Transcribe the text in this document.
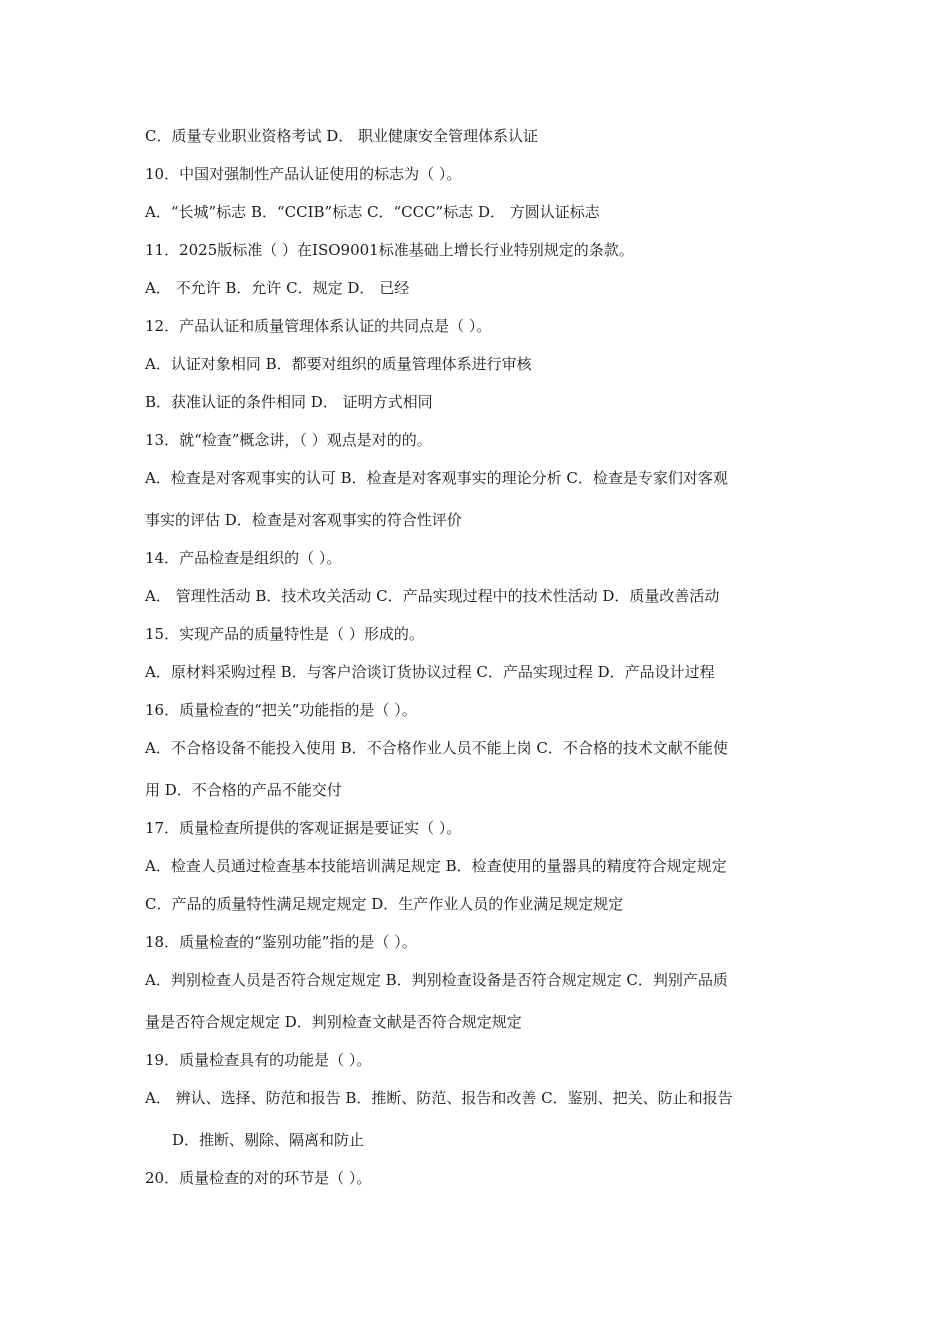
C．质量专业职业资格考试 D． 职业健康安全管理体系认证
10．中国对强制性产品认证使用的标志为（ ）。
A．“长城”标志 B．“CCIB”标志 C．“CCC”标志 D． 方圆认证标志
11．2025版标准（ ）在ISO9001标准基础上增长行业特别规定的条款。
A． 不允许 B．允许 C．规定 D． 已经
12．产品认证和质量管理体系认证的共同点是（ ）。
A．认证对象相同 B．都要对组织的质量管理体系进行审核
B．获准认证的条件相同 D． 证明方式相同
13．就“检查”概念讲，（ ）观点是对的的。
A．检查是对客观事实的认可 B．检查是对客观事实的理论分析 C．检查是专家们对客观
事实的评估 D．检查是对客观事实的符合性评价
14．产品检查是组织的（ ）。
A． 管理性活动 B．技术攻关活动 C．产品实现过程中的技术性活动 D．质量改善活动
15．实现产品的质量特性是（ ）形成的。
A．原材料采购过程 B．与客户洽谈订货协议过程 C．产品实现过程 D．产品设计过程
16．质量检查的“把关”功能指的是（ ）。
A．不合格设备不能投入使用 B．不合格作业人员不能上岗 C．不合格的技术文献不能使
用 D．不合格的产品不能交付
17．质量检查所提供的客观证据是要证实（ ）。
A．检查人员通过检查基本技能培训满足规定 B．检查使用的量器具的精度符合规定规定
C．产品的质量特性满足规定规定 D．生产作业人员的作业满足规定规定
18．质量检查的“鉴别功能”指的是（ ）。
A．判别检查人员是否符合规定规定 B．判别检查设备是否符合规定规定 C．判别产品质
量是否符合规定规定 D．判别检查文献是否符合规定规定
19．质量检查具有的功能是（ ）。
A． 辨认、选择、防范和报告 B．推断、防范、报告和改善 C．鉴别、把关、防止和报告
D．推断、剔除、隔离和防止
20．质量检查的对的环节是（ ）。
